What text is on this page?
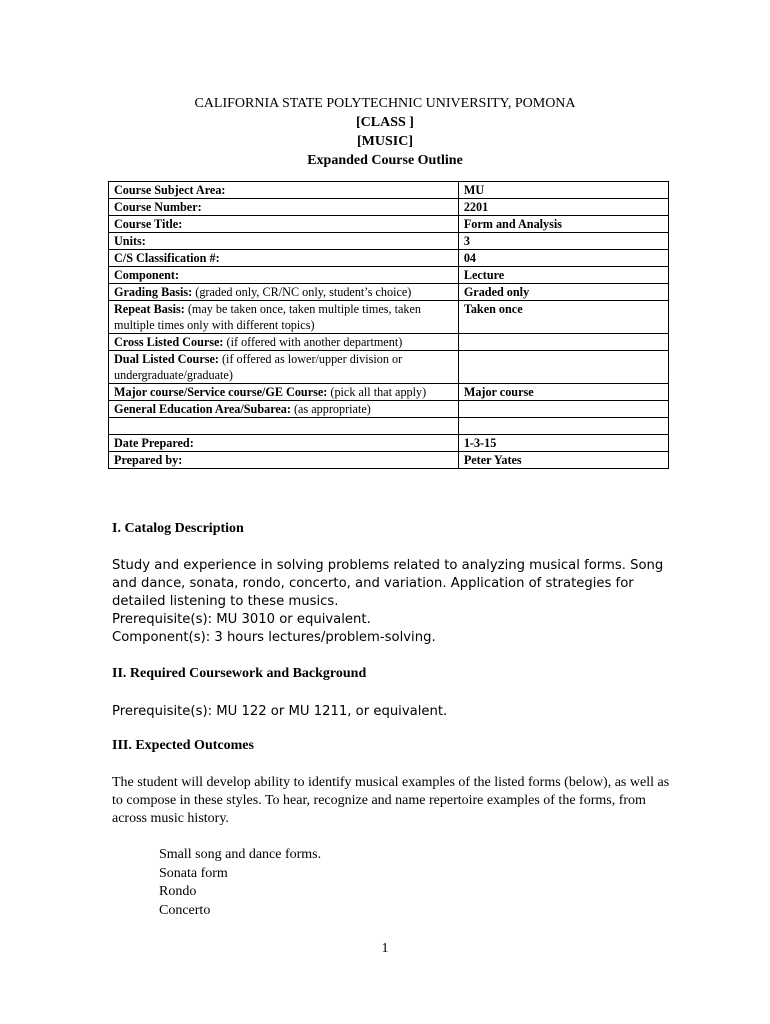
CALIFORNIA STATE POLYTECHNIC UNIVERSITY, POMONA
[CLASS ]
[MUSIC]
Expanded Course Outline
Course Subject Area:	MU
Course Number:	2201
Course Title:	Form and Analysis
Units:	3
C/S Classification #:	04
Component:	Lecture
Grading Basis: (graded only, CR/NC only, student’s choice)	Graded only
Repeat Basis: (may be taken once, taken multiple times, taken multiple times only with different topics)	Taken once
Cross Listed Course: (if offered with another department)	
Dual Listed Course: (if offered as lower/upper division or undergraduate/graduate)	
Major course/Service course/GE Course: (pick all that apply)	Major course
General Education Area/Subarea: (as appropriate)	

Date Prepared:	1-3-15
Prepared by:	Peter Yates
I. Catalog Description
Study and experience in solving problems related to analyzing musical forms. Song and dance, sonata, rondo, concerto, and variation. Application of strategies for detailed listening to these musics.
Prerequisite(s): MU 3010 or equivalent.
Component(s): 3 hours lectures/problem-solving.
II. Required Coursework and Background
Prerequisite(s): MU 122 or MU 1211, or equivalent.
III. Expected Outcomes
The student will develop ability to identify musical examples of the listed forms (below), as well as to compose in these styles. To hear, recognize and name repertoire examples of the forms, from across music history.
Small song and dance forms.
Sonata form
Rondo
Concerto
1
